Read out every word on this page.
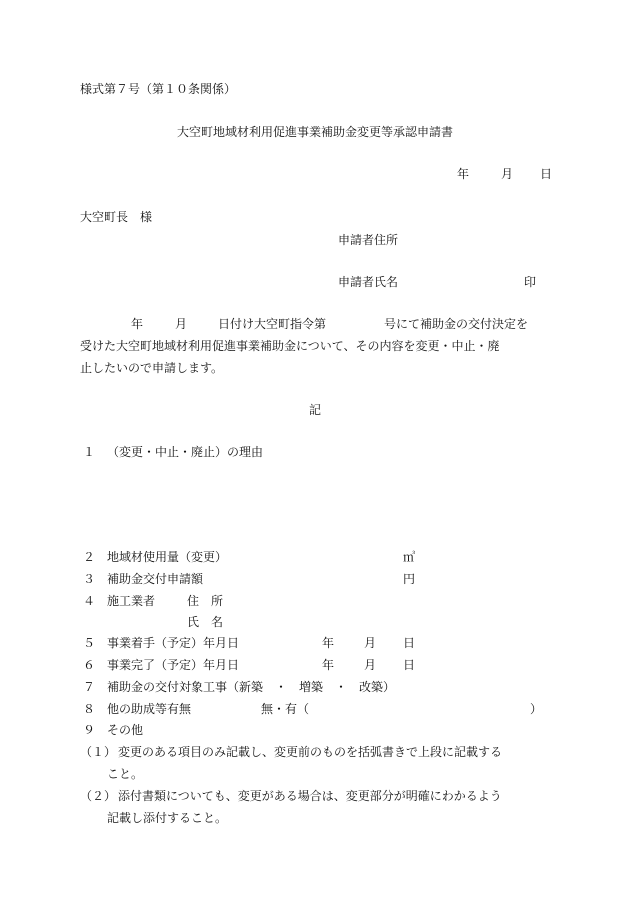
様式第７号（第１０条関係）
大空町地域材利用促進事業補助金変更等承認申請書
年	月 日
大空町長　様
申請者住所
申請者氏名	印
年	月	日付け大空町指令第	号にて補助金の交付決定を
受けた大空町地域材利用促進事業補助金について、その内容を変更・中止・廃
止したいので申請します。
記
１ （変更・中止・廃止）の理由
２ 地域材使用量（変更）	㎥
３ 補助金交付申請額	円
４ 施工業者	住　所
氏　名
５ 事業着手（予定）年月日	年 月 日
６ 事業完了（予定）年月日	年 月 日
７ 補助金の交付対象工事（新築　・　増築　・　改築）
８ 他の助成等有無	無・有（	）
９ その他
（１） 変更のある項目のみ記載し、変更前のものを括弧書きで上段に記載する
こと。
（２） 添付書類についても、変更がある場合は、変更部分が明確にわかるよう
記載し添付すること。
